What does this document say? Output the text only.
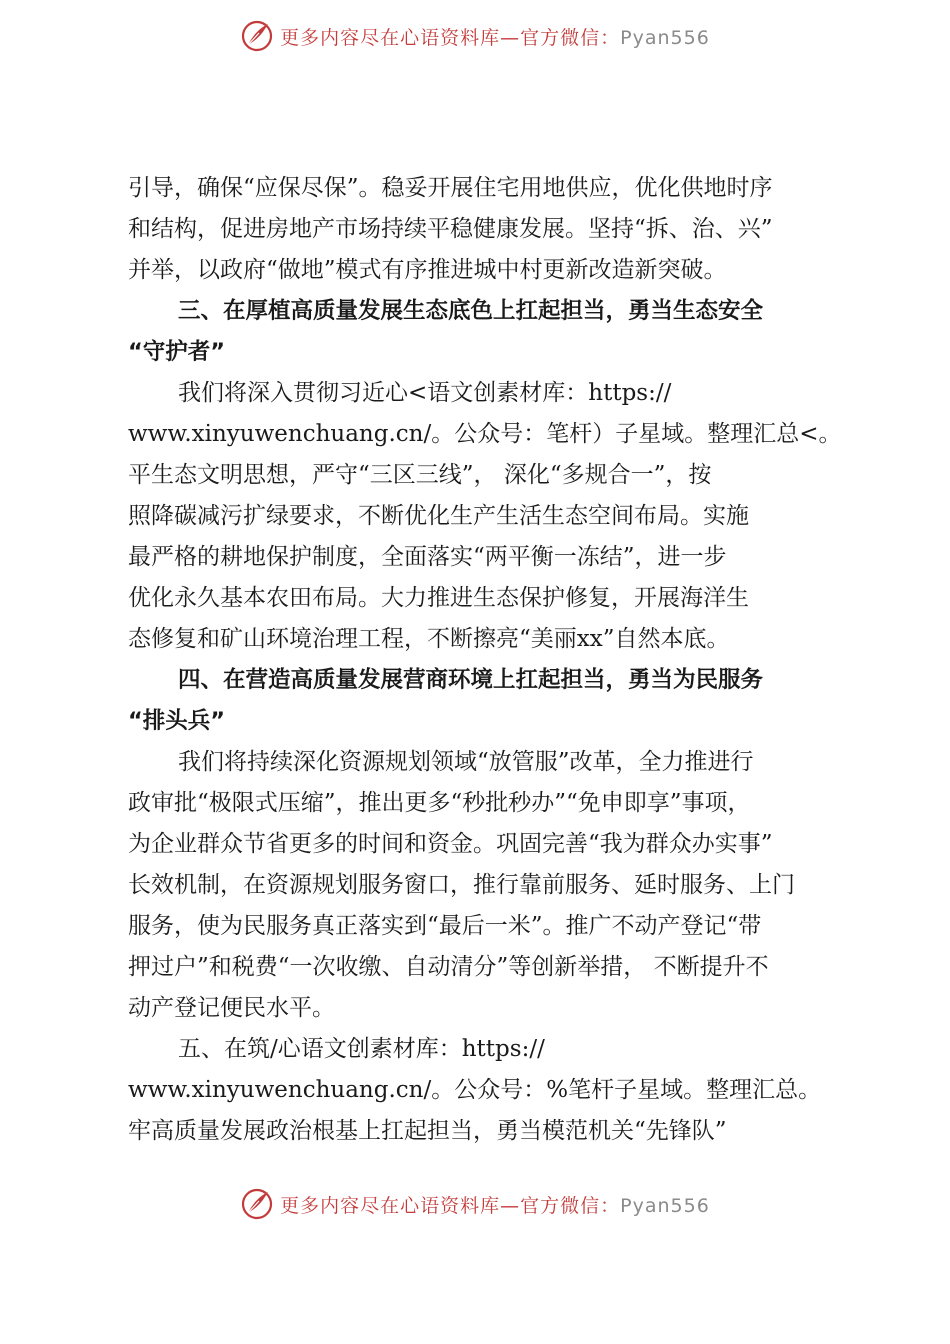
更多内容尽在心语资料库—官方微信：Pyan556
引导，确保“应保尽保”。稳妥开展住宅用地供应，优化供地时序
和结构，促进房地产市场持续平稳健康发展。坚持“拆、治、兴”
并举，以政府“做地”模式有序推进城中村更新改造新突破。
三、在厚植高质量发展生态底色上扛起担当，勇当生态安全
“守护者”
我们将深入贯彻习近心<语文创素材库：https://
www.xinyuwenchuang.cn/。公众号：笔杆）子星域。整理汇总<。
平生态文明思想，严守“三区三线”， 深化“多规合一”，按
照降碳减污扩绿要求，不断优化生产生活生态空间布局。实施
最严格的耕地保护制度，全面落实“两平衡一冻结”，进一步
优化永久基本农田布局。大力推进生态保护修复，开展海洋生
态修复和矿山环境治理工程，不断擦亮“美丽xx”自然本底。
四、在营造高质量发展营商环境上扛起担当，勇当为民服务
“排头兵”
我们将持续深化资源规划领域“放管服”改革，全力推进行
政审批“极限式压缩”，推出更多“秒批秒办”“免申即享”事项，
为企业群众节省更多的时间和资金。巩固完善“我为群众办实事”
长效机制，在资源规划服务窗口，推行靠前服务、延时服务、上门
服务，使为民服务真正落实到“最后一米”。推广不动产登记“带
押过户”和税费“一次收缴、自动清分”等创新举措， 不断提升不
动产登记便民水平。
五、在筑/心语文创素材库：https://
www.xinyuwenchuang.cn/。公众号：%笔杆子星域。整理汇总。
牢高质量发展政治根基上扛起担当，勇当模范机关“先锋队”
更多内容尽在心语资料库—官方微信：Pyan556
